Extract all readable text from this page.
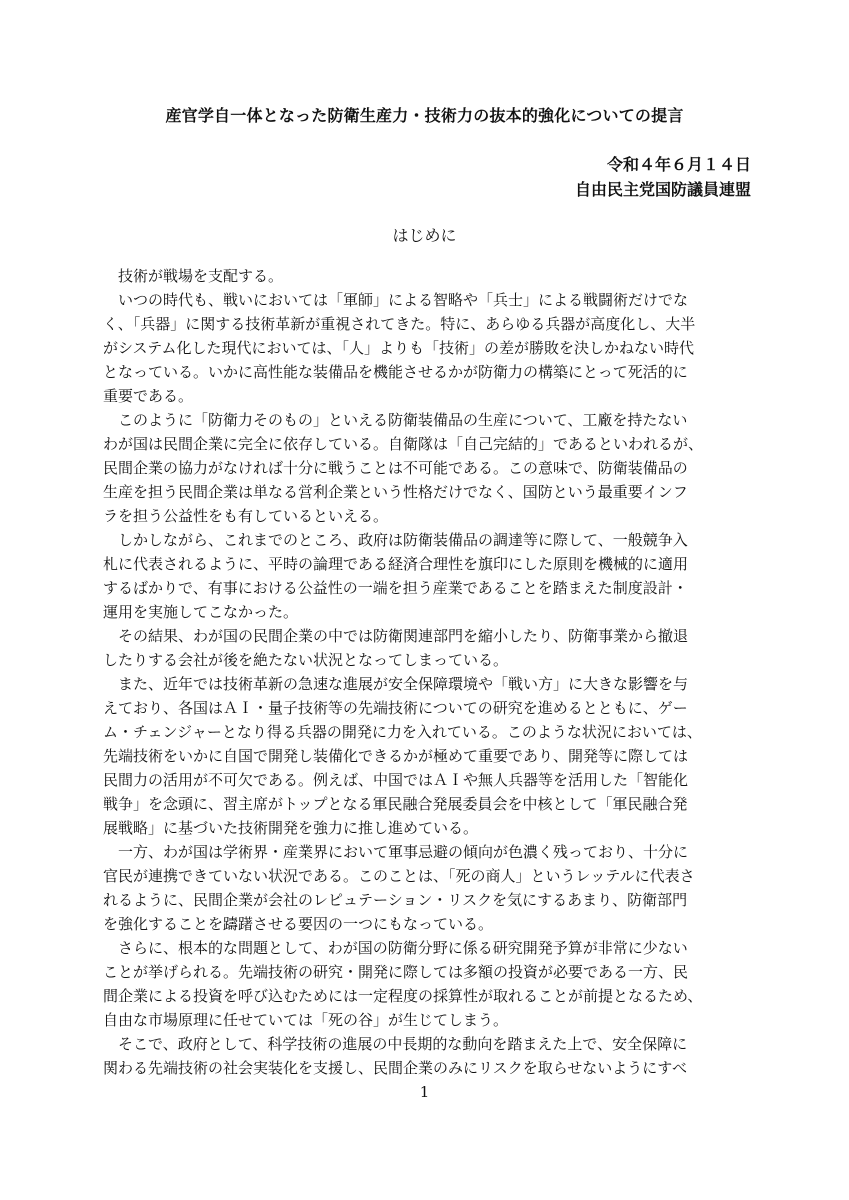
産官学自一体となった防衛生産力・技術力の抜本的強化についての提言
令和４年６月１４日
自由民主党国防議員連盟
はじめに
　技術が戦場を支配する。
　いつの時代も、戦いにおいては「軍師」による智略や「兵士」による戦闘術だけでな
く、「兵器」に関する技術革新が重視されてきた。特に、あらゆる兵器が高度化し、大半
がシステム化した現代においては、「人」よりも「技術」の差が勝敗を決しかねない時代
となっている。いかに高性能な装備品を機能させるかが防衛力の構築にとって死活的に
重要である。
　このように「防衛力そのもの」といえる防衛装備品の生産について、工廠を持たない
わが国は民間企業に完全に依存している。自衛隊は「自己完結的」であるといわれるが、
民間企業の協力がなければ十分に戦うことは不可能である。この意味で、防衛装備品の
生産を担う民間企業は単なる営利企業という性格だけでなく、国防という最重要インフ
ラを担う公益性をも有しているといえる。
　しかしながら、これまでのところ、政府は防衛装備品の調達等に際して、一般競争入
札に代表されるように、平時の論理である経済合理性を旗印にした原則を機械的に適用
するばかりで、有事における公益性の一端を担う産業であることを踏まえた制度設計・
運用を実施してこなかった。
　その結果、わが国の民間企業の中では防衛関連部門を縮小したり、防衛事業から撤退
したりする会社が後を絶たない状況となってしまっている。
　また、近年では技術革新の急速な進展が安全保障環境や「戦い方」に大きな影響を与
えており、各国はＡＩ・量子技術等の先端技術についての研究を進めるとともに、ゲー
ム・チェンジャーとなり得る兵器の開発に力を入れている。このような状況においては、
先端技術をいかに自国で開発し装備化できるかが極めて重要であり、開発等に際しては
民間力の活用が不可欠である。例えば、中国ではＡＩや無人兵器等を活用した「智能化
戦争」を念頭に、習主席がトップとなる軍民融合発展委員会を中核として「軍民融合発
展戦略」に基づいた技術開発を強力に推し進めている。
　一方、わが国は学術界・産業界において軍事忌避の傾向が色濃く残っており、十分に
官民が連携できていない状況である。このことは、「死の商人」というレッテルに代表さ
れるように、民間企業が会社のレピュテーション・リスクを気にするあまり、防衛部門
を強化することを躊躇させる要因の一つにもなっている。
　さらに、根本的な問題として、わが国の防衛分野に係る研究開発予算が非常に少ない
ことが挙げられる。先端技術の研究・開発に際しては多額の投資が必要である一方、民
間企業による投資を呼び込むためには一定程度の採算性が取れることが前提となるため、
自由な市場原理に任せていては「死の谷」が生じてしまう。
　そこで、政府として、科学技術の進展の中長期的な動向を踏まえた上で、安全保障に
関わる先端技術の社会実装化を支援し、民間企業のみにリスクを取らせないようにすべ
1
